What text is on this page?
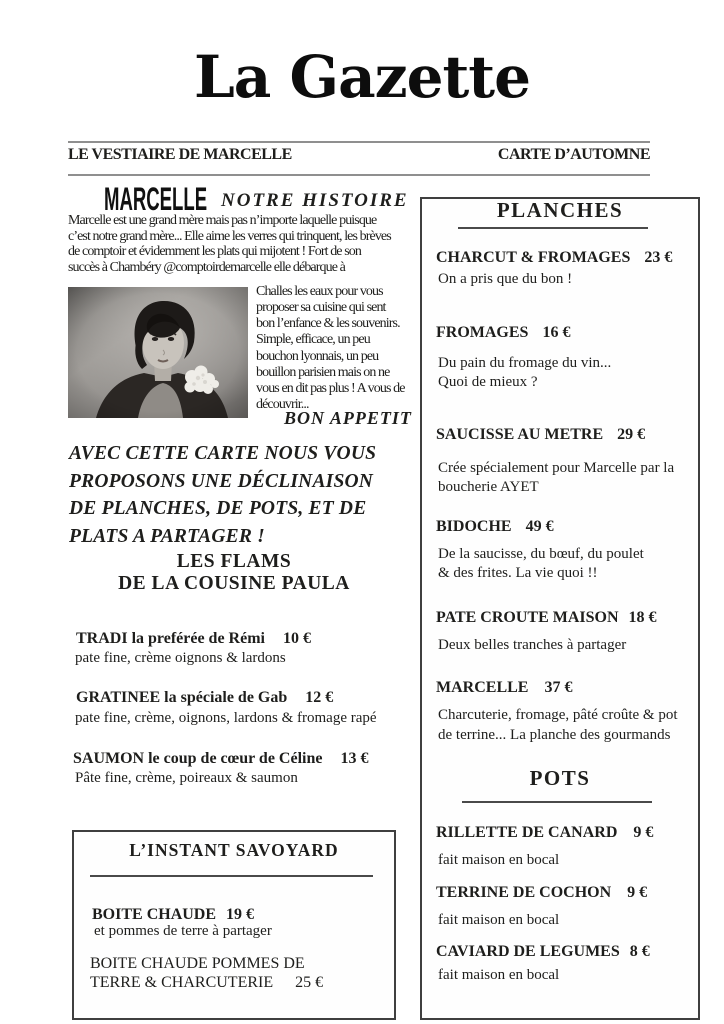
La Gazette
LE VESTIAIRE DE MARCELLE	CARTE D’AUTOMNE
MARCELLE NOTRE HISTOIRE
Marcelle est une grand mère mais pas n’importe laquelle puisque
c’est notre grand mère... Elle aime les verres qui trinquent, les brèves
de comptoir et évidemment les plats qui mijotent ! Fort de son
succès à Chambéry @comptoirdemarcelle elle débarque à
Challes les eaux pour vous
proposer sa cuisine qui sent
bon l’enfance & les souvenirs.
Simple, efficace, un peu
bouchon lyonnais, un peu
bouillon parisien mais on ne
vous en dit pas plus ! A vous de
découvrir...
BON APPETIT
AVEC CETTE CARTE NOUS VOUS
PROPOSONS UNE DÉCLINAISON
DE PLANCHES, DE POTS, ET DE
PLATS A PARTAGER !
LES FLAMS
DE LA COUSINE PAULA
TRADI la preférée de Rémi 10 €
pate fine, crème oignons & lardons
GRATINEE la spéciale de Gab 12 €
pate fine, crème, oignons, lardons & fromage rapé
SAUMON le coup de cœur de Céline 13 €
Pâte fine, crème, poireaux & saumon
L’INSTANT SAVOYARD
BOITE CHAUDE 19 €
et pommes de terre à partager
BOITE CHAUDE POMMES DE
TERRE & CHARCUTERIE 25 €
PLANCHES
CHARCUT & FROMAGES 23 €
On a pris que du bon !
FROMAGES 16 €
Du pain du fromage du vin...
Quoi de mieux ?
SAUCISSE AU METRE 29 €
Crée spécialement pour Marcelle par la
boucherie AYET
BIDOCHE 49 €
De la saucisse, du bœuf, du poulet
& des frites. La vie quoi !!
PATE CROUTE MAISON 18 €
Deux belles tranches à partager
MARCELLE 37 €
Charcuterie, fromage, pâté croûte & pot
de terrine... La planche des gourmands
POTS
RILLETTE DE CANARD 9 €
fait maison en bocal
TERRINE DE COCHON 9 €
fait maison en bocal
CAVIARD DE LEGUMES 8 €
fait maison en bocal
